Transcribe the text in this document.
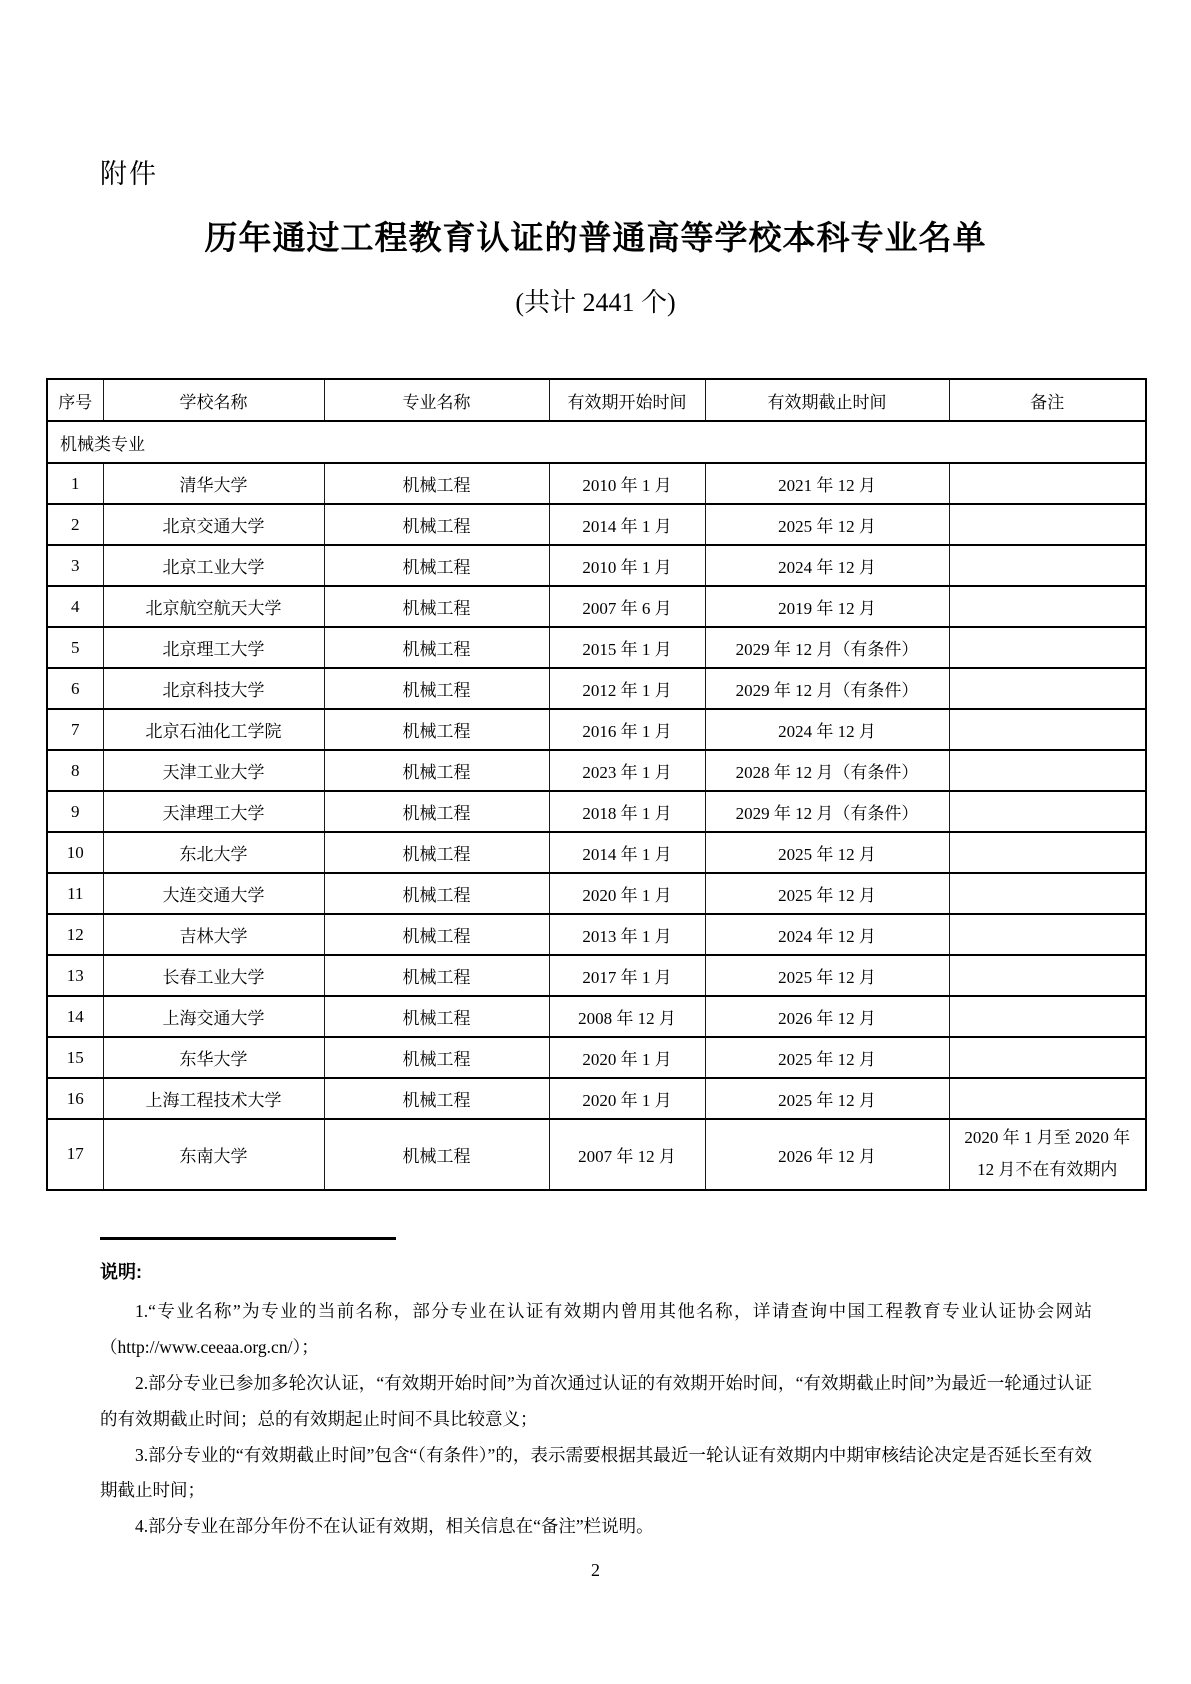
附件
历年通过工程教育认证的普通高等学校本科专业名单
(共计 2441 个)
序号	学校名称	专业名称	有效期开始时间	有效期截止时间	备注
机械类专业					
1	清华大学	机械工程	2010 年 1 月	2021 年 12 月	
2	北京交通大学	机械工程	2014 年 1 月	2025 年 12 月	
3	北京工业大学	机械工程	2010 年 1 月	2024 年 12 月	
4	北京航空航天大学	机械工程	2007 年 6 月	2019 年 12 月	
5	北京理工大学	机械工程	2015 年 1 月	2029 年 12 月（有条件）	
6	北京科技大学	机械工程	2012 年 1 月	2029 年 12 月（有条件）	
7	北京石油化工学院	机械工程	2016 年 1 月	2024 年 12 月	
8	天津工业大学	机械工程	2023 年 1 月	2028 年 12 月（有条件）	
9	天津理工大学	机械工程	2018 年 1 月	2029 年 12 月（有条件）	
10	东北大学	机械工程	2014 年 1 月	2025 年 12 月	
11	大连交通大学	机械工程	2020 年 1 月	2025 年 12 月	
12	吉林大学	机械工程	2013 年 1 月	2024 年 12 月	
13	长春工业大学	机械工程	2017 年 1 月	2025 年 12 月	
14	上海交通大学	机械工程	2008 年 12 月	2026 年 12 月	
15	东华大学	机械工程	2020 年 1 月	2025 年 12 月	
16	上海工程技术大学	机械工程	2020 年 1 月	2025 年 12 月	
17	东南大学	机械工程	2007 年 12 月	2026 年 12 月	2020 年 1 月至 2020 年 12 月不在有效期内
说明:

1.“专业名称”为专业的当前名称，部分专业在认证有效期内曾用其他名称，详请查询中国工程教育专业认证协会网站（http://www.ceeaa.org.cn/）；

2.部分专业已参加多轮次认证，“有效期开始时间”为首次通过认证的有效期开始时间，“有效期截止时间”为最近一轮通过认证的有效期截止时间；总的有效期起止时间不具比较意义；

3.部分专业的“有效期截止时间”包含“（有条件）”的，表示需要根据其最近一轮认证有效期内中期审核结论决定是否延长至有效期截止时间；

4.部分专业在部分年份不在认证有效期，相关信息在“备注”栏说明。

2
